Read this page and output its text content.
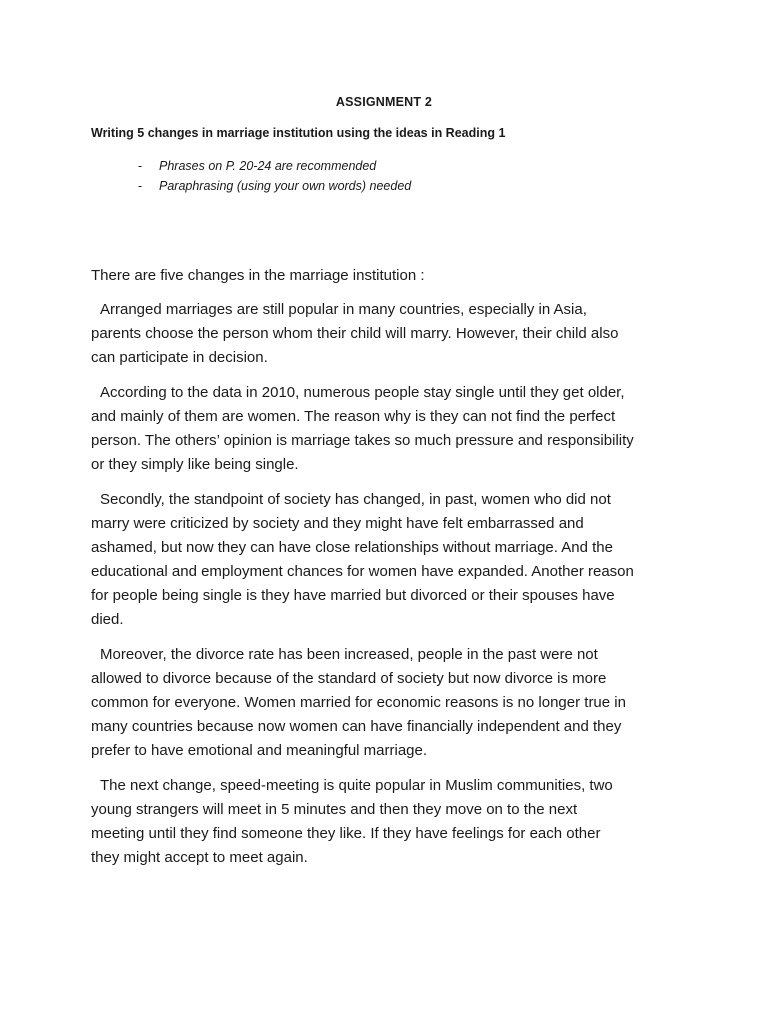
ASSIGNMENT 2
Writing 5 changes in marriage institution using the ideas in Reading 1
- Phrases on P. 20-24 are recommended
- Paraphrasing (using your own words) needed

There are five changes in the marriage institution :

Arranged marriages are still popular in many countries, especially in Asia,
parents choose the person whom their child will marry. However, their child also
can participate in decision.

According to the data in 2010, numerous people stay single until they get older,
and mainly of them are women. The reason why is they can not find the perfect
person. The others’ opinion is marriage takes so much pressure and responsibility
or they simply like being single.

Secondly, the standpoint of society has changed, in past, women who did not
marry were criticized by society and they might have felt embarrassed and
ashamed, but now they can have close relationships without marriage. And the
educational and employment chances for women have expanded. Another reason
for people being single is they have married but divorced or their spouses have
died.

Moreover, the divorce rate has been increased, people in the past were not
allowed to divorce because of the standard of society but now divorce is more
common for everyone. Women married for economic reasons is no longer true in
many countries because now women can have financially independent and they
prefer to have emotional and meaningful marriage.

The next change, speed-meeting is quite popular in Muslim communities, two
young strangers will meet in 5 minutes and then they move on to the next
meeting until they find someone they like. If they have feelings for each other
they might accept to meet again.
